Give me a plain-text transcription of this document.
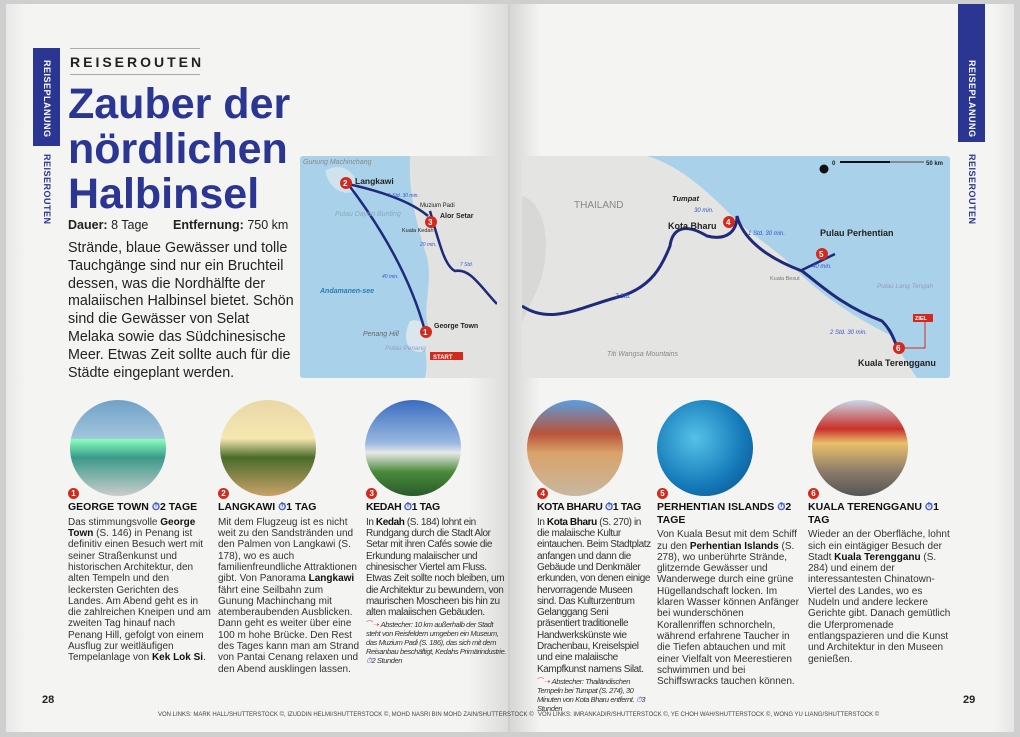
REISEPLANUNG
REISEROUTEN
REISEPLANUNG
REISEROUTEN
REISEROUTEN
Zauber der
nördlichen
Halbinsel
Dauer: 8 Tage Entfernung: 750 km
Strände, blaue Gewässer und tolle Tauchgänge sind nur ein Bruchteil dessen, was die Nordhälfte der malaiischen Halbinsel bietet. Schön sind die Gewässer von Selat Melaka sowie das Südchinesische Meer. Etwas Zeit sollte auch für die Städte eingeplant werden.
2
3
1
Gunung Machinchang
Langkawi
Pulau Dayan Bunting
1 Std. 30 min.
Muzium Padi
Alor Setar
Kuala Kedah
20 min.
7 Std.
40 min.
Andamanen-see
Penang Hill
George Town
Pulau Penang
START
4
5
6
THAILAND
Tumpat
30 min.
Kota Bharu
1 Std. 30 min.	Pulau Perhentian
40 min.
Kuala Besut
Pulau Lang Tengah
7 Std.
2 Std. 30 min.
ZIEL
Kuala Terengganu
Titi Wangsa Mountains
0	50 km
1
GEORGE TOWN ⏱2 TAGE
Das stimmungsvolle George Town (S. 146) in Penang ist definitiv einen Besuch wert mit seiner Straßenkunst und historischen Architektur, den alten Tempeln und den leckersten Gerichten des Landes. Am Abend geht es in die zahlreichen Kneipen und am zweiten Tag hinauf nach Penang Hill, gefolgt von einem Ausflug zur weitläufigen Tempelanlage von Kek Lok Si.
2
LANGKAWI ⏱1 TAG
Mit dem Flugzeug ist es nicht weit zu den Sandstränden und den Palmen von Langkawi (S. 178), wo es auch familienfreundliche Attraktionen gibt. Von Panorama Langkawi fährt eine Seilbahn zum Gunung Machinchang mit atemberaubenden Ausblicken. Dann geht es weiter über eine 100 m hohe Brücke. Den Rest des Tages kann man am Strand von Pantai Cenang relaxen und den Abend ausklingen lassen.
3
KEDAH ⏱1 TAG
In Kedah (S. 184) lohnt ein Rundgang durch die Stadt Alor Setar mit ihren Cafés sowie die Erkundung malaiischer und chinesischer Viertel am Fluss. Etwas Zeit sollte noch bleiben, um die Architektur zu bewundern, von maurischen Moscheen bis hin zu alten malaiischen Gebäuden.
⌒➝ Abstecher: 10 km außerhalb der Stadt steht von Reisfeldern umgeben ein Museum, das Muzium Padi (S. 186), das sich mit dem Reisanbau beschäftigt, Kedahs Primärindustrie. ⏱2 Stunden
4
KOTA BHARU ⏱1 TAG
In Kota Bharu (S. 270) in die malaiische Kultur eintauchen. Beim Stadtplatz anfangen und dann die Gebäude und Denkmäler erkunden, von denen einige hervorragende Museen sind. Das Kulturzentrum Gelanggang Seni präsentiert traditionelle Handwerkskünste wie Drachenbau, Kreiselspiel und eine malaiische Kampfkunst namens Silat.
⌒➝ Abstecher: Thailändischen Tempeln bei Tumpat (S. 274), 30 Minuten von Kota Bharu entfernt. ⏱3 Stunden
5
PERHENTIAN ISLANDS ⏱2 TAGE
Von Kuala Besut mit dem Schiff zu den Perhentian Islands (S. 278), wo unberührte Strände, glitzernde Gewässer und Wanderwege durch eine grüne Hügellandschaft locken. Im klaren Wasser können Anfänger bei wunderschönen Korallenriffen schnorcheln, während erfahrene Taucher in die Tiefen abtauchen und mit einer Vielfalt von Meerestieren schwimmen und bei Schiffswracks tauchen können.
6
KUALA TERENGGANU ⏱1 TAG
Wieder an der Oberfläche, lohnt sich ein eintägiger Besuch der Stadt Kuala Terengganu (S. 284) und einem der interessantesten Chinatown-Viertel des Landes, wo es Nudeln und andere leckere Gerichte gibt. Danach gemütlich die Uferpromenade entlangspazieren und die Kunst und Architektur in den Museen genießen.
28	29
VON LINKS: MARK HALL/SHUTTERSTOCK ©, IZUDDIN HELMI/SHUTTERSTOCK ©, MOHD NASRI BIN MOHD ZAIN/SHUTTERSTOCK © VON LINKS: IMRANKADIR/SHUTTERSTOCK ©, YE CHOH WAH/SHUTTERSTOCK ©, WONG YU LIANG/SHUTTERSTOCK ©
